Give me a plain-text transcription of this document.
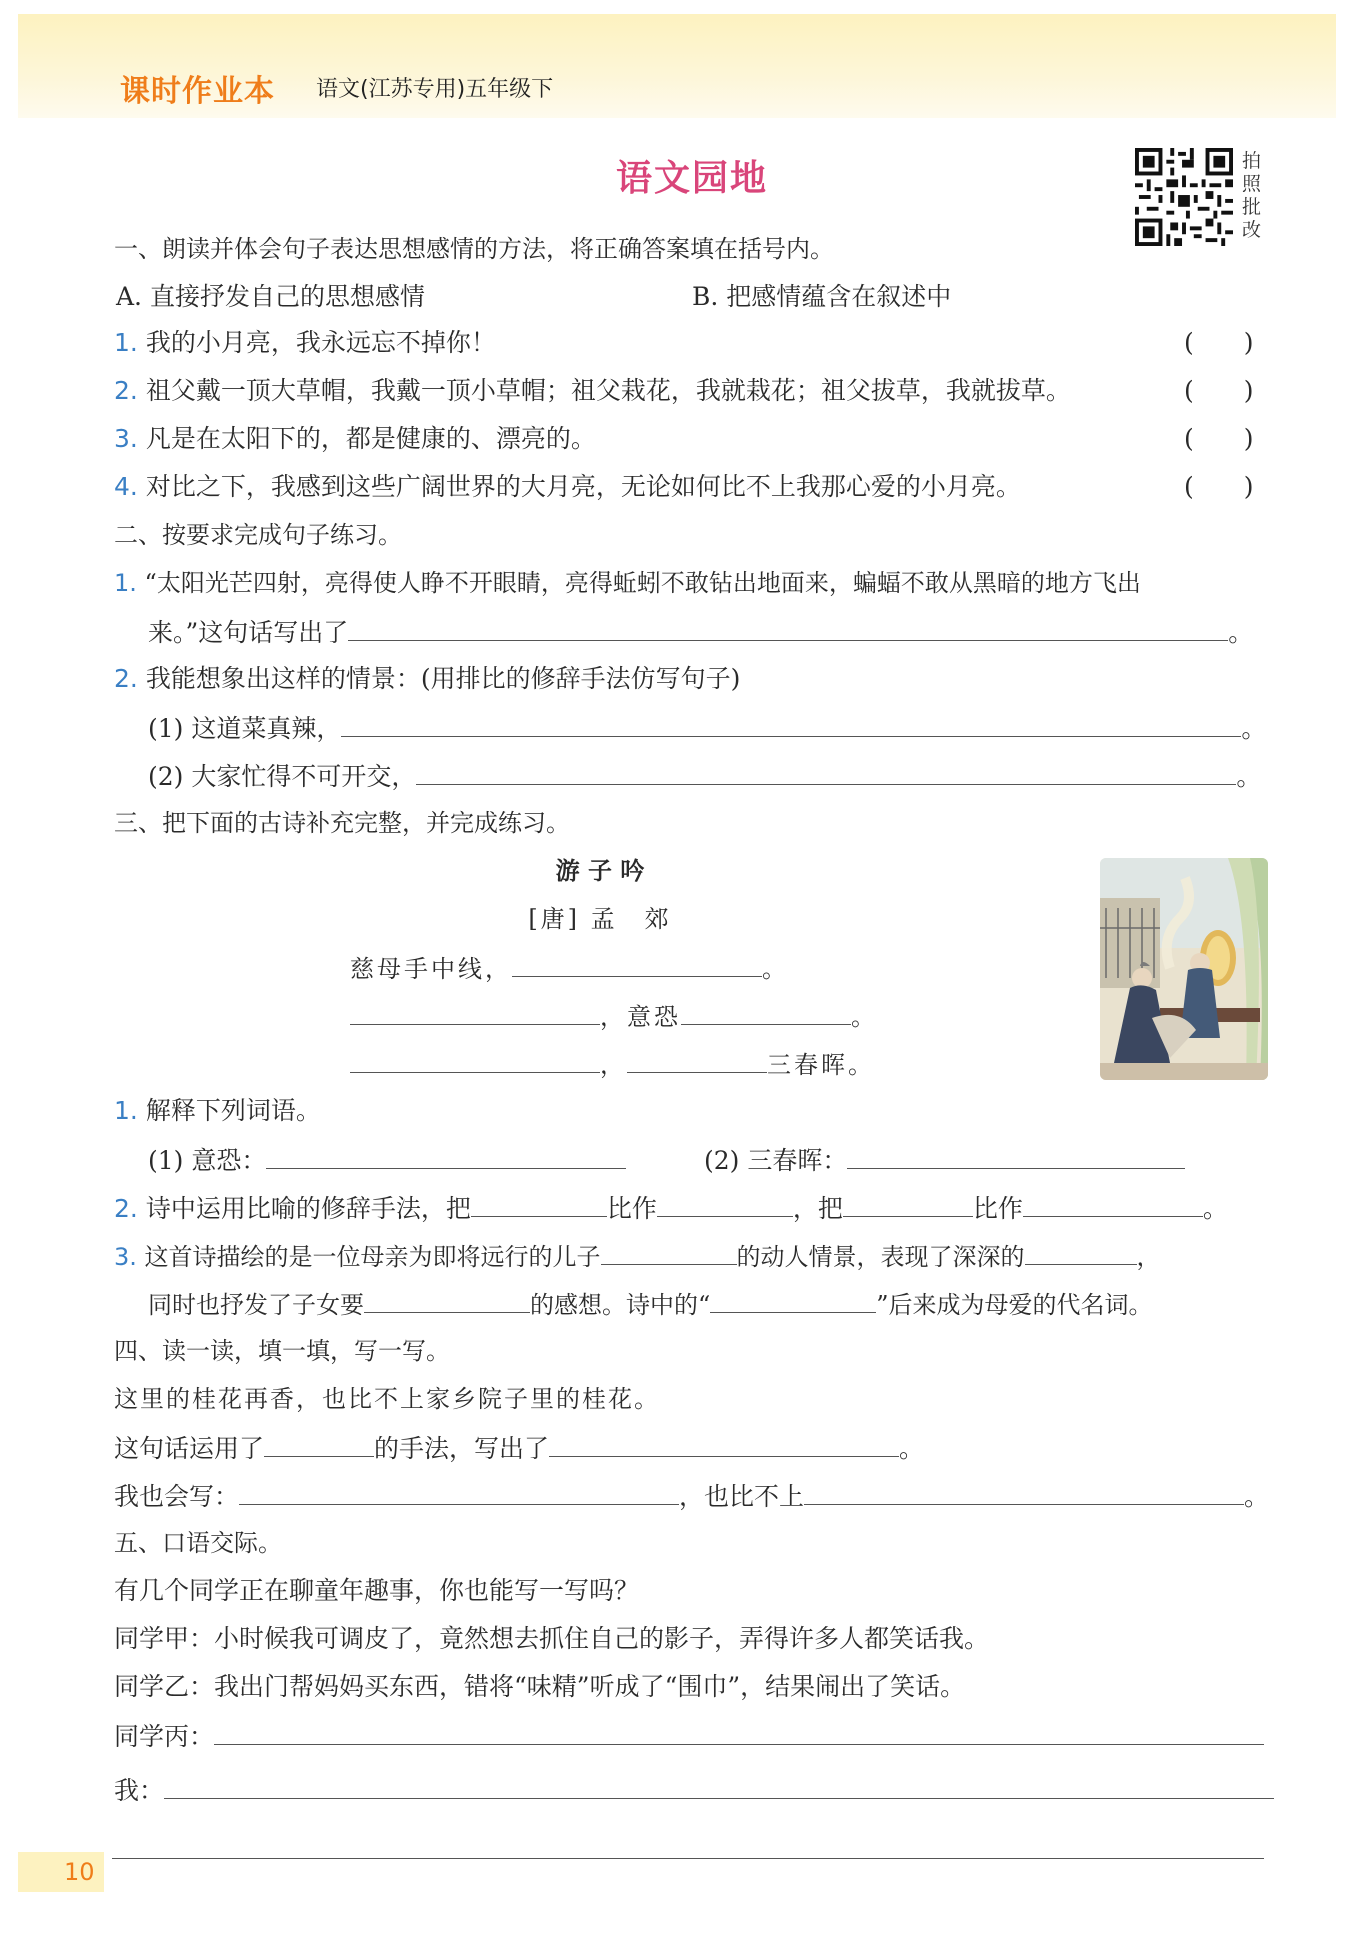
课时作业本 语文(江苏专用)五年级下
语文园地	拍照批改
一、朗读并体会句子表达思想感情的方法，将正确答案填在括号内。
A. 直接抒发自己的思想感情	B. 把感情蕴含在叙述中
1. 我的小月亮，我永远忘不掉你！	(　　)
2. 祖父戴一顶大草帽，我戴一顶小草帽；祖父栽花，我就栽花；祖父拔草，我就拔草。	(　　)
3. 凡是在太阳下的，都是健康的、漂亮的。	(　　)
4. 对比之下，我感到这些广阔世界的大月亮，无论如何比不上我那心爱的小月亮。	(　　)
二、按要求完成句子练习。
1. “太阳光芒四射，亮得使人睁不开眼睛，亮得蚯蚓不敢钻出地面来，蝙蝠不敢从黑暗的地方飞出
来。”这句话写出了	。
2. 我能想象出这样的情景：(用排比的修辞手法仿写句子)
(1) 这道菜真辣，	。
(2) 大家忙得不可开交，	。
三、把下面的古诗补充完整，并完成练习。
游 子 吟
[唐] 孟　郊
慈母手中线，	。
，意恐	。
，	三春晖。
1. 解释下列词语。
(1) 意恐：	(2) 三春晖：
2. 诗中运用比喻的修辞手法，把	比作	，把	比作	。
3. 这首诗描绘的是一位母亲为即将远行的儿子	的动人情景，表现了深深的	，
同时也抒发了子女要	的感想。诗中的“	”后来成为母爱的代名词。
四、读一读，填一填，写一写。
这里的桂花再香，也比不上家乡院子里的桂花。
这句话运用了	的手法，写出了	。
我也会写：	，也比不上	。
五、口语交际。
有几个同学正在聊童年趣事，你也能写一写吗？
同学甲：小时候我可调皮了，竟然想去抓住自己的影子，弄得许多人都笑话我。
同学乙：我出门帮妈妈买东西，错将“味精”听成了“围巾”，结果闹出了笑话。
同学丙：
我：
10
